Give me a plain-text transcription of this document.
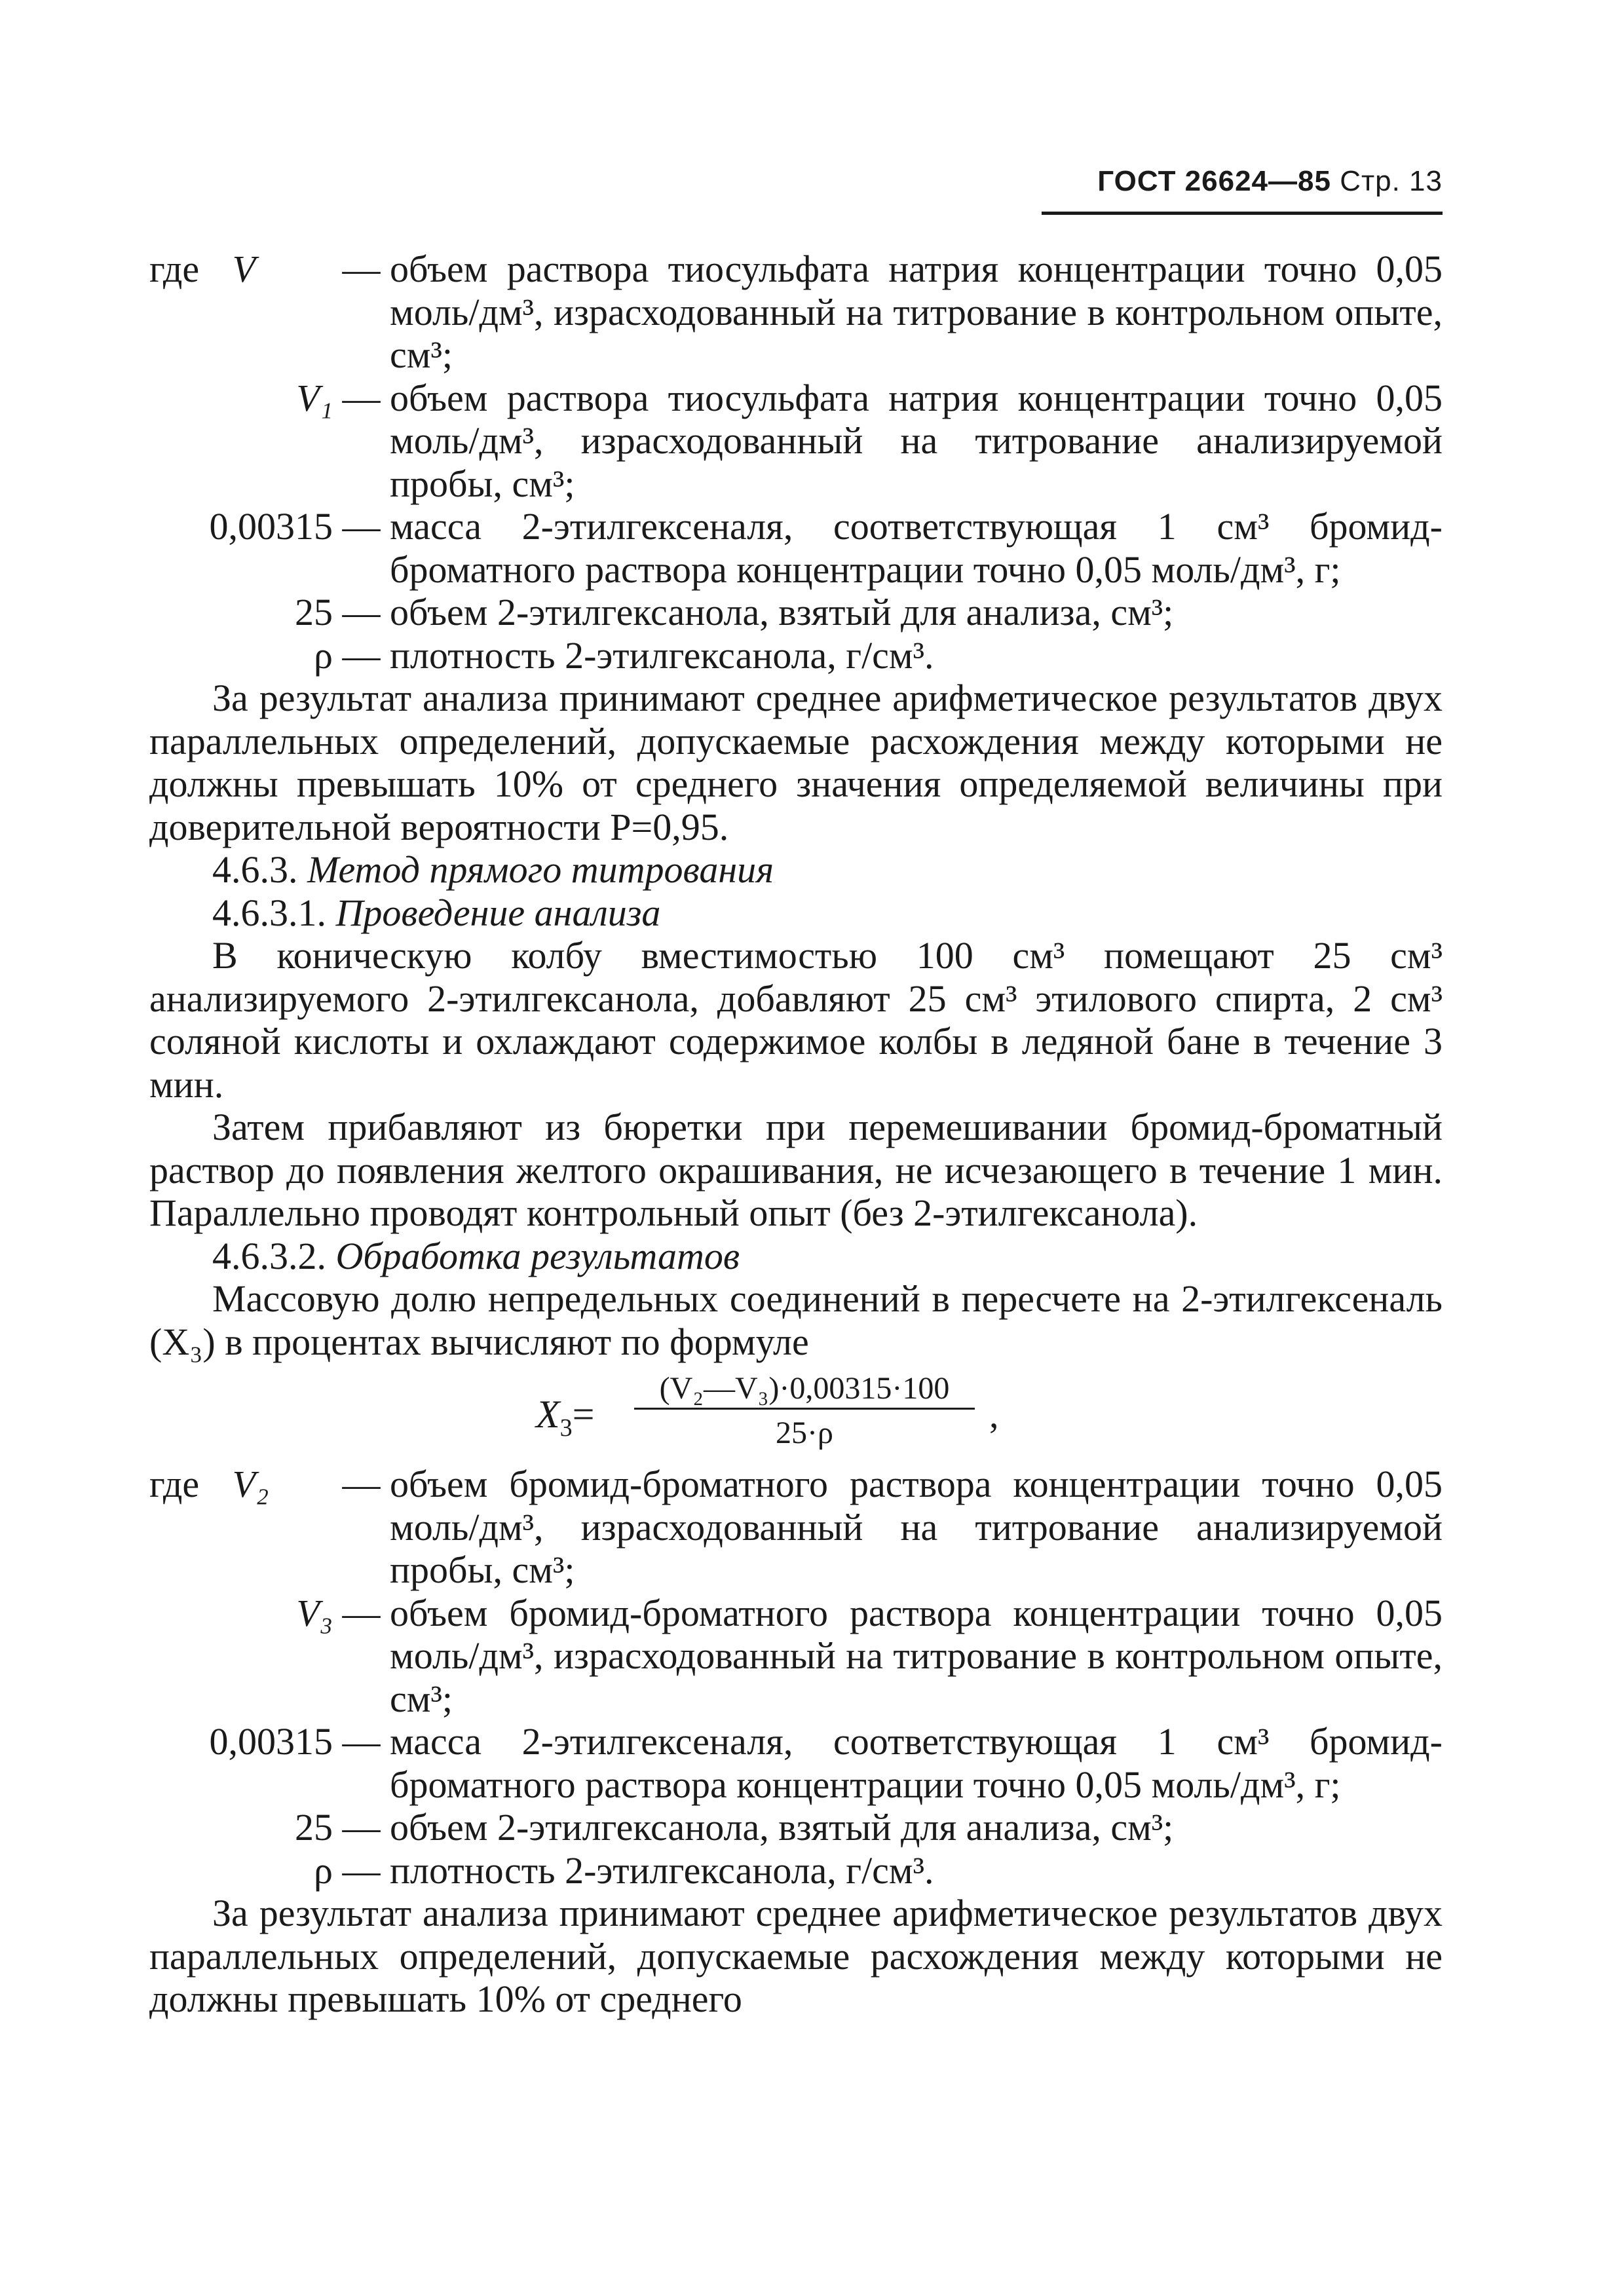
ГОСТ 26624—85 Стр. 13
где V	— объем раствора тиосульфата натрия концентрации точно 0,05 моль/дм³, израсходованный на титрование в контрольном опыте, см³;
V₁ — объем раствора тиосульфата натрия концентрации точно 0,05 моль/дм³, израсходованный на титрование анализируемой пробы, см³;
0,00315 — масса 2-этилгексеналя, соответствующая 1 см³ бромид-броматного раствора концентрации точно 0,05 моль/дм³, г;
25 — объем 2-этилгексанола, взятый для анализа, см³;
ρ — плотность 2-этилгексанола, г/см³.

За результат анализа принимают среднее арифметическое результатов двух параллельных определений, допускаемые расхождения между которыми не должны превышать 10% от среднего значения определяемой величины при доверительной вероятности Р=0,95.

4.6.3. Метод прямого титрования

4.6.3.1. Проведение анализа

В коническую колбу вместимостью 100 см³ помещают 25 см³ анализируемого 2-этилгексанола, добавляют 25 см³ этилового спирта, 2 см³ соляной кислоты и охлаждают содержимое колбы в ледяной бане в течение 3 мин.

Затем прибавляют из бюретки при перемешивании бромид-броматный раствор до появления желтого окрашивания, не исчезающего в течение 1 мин. Параллельно проводят контрольный опыт (без 2-этилгексанола).

4.6.3.2. Обработка результатов

Массовую долю непредельных соединений в пересчете на 2-этилгексеналь (X₃) в процентах вычисляют по формуле

$X_3=$
(V₂—V₃)·0,00315·100
25·ρ	,
где V₂	— объем бромид-броматного раствора концентрации точно 0,05 моль/дм³, израсходованный на титрование анализируемой пробы, см³;
V₃ — объем бромид-броматного раствора концентрации точно 0,05 моль/дм³, израсходованный на титрование в контрольном опыте, см³;
0,00315 — масса 2-этилгексеналя, соответствующая 1 см³ бромид-броматного раствора концентрации точно 0,05 моль/дм³, г;
25 — объем 2-этилгексанола, взятый для анализа, см³;
ρ — плотность 2-этилгексанола, г/см³.

За результат анализа принимают среднее арифметическое результатов двух параллельных определений, допускаемые расхождения между которыми не должны превышать 10% от среднего
